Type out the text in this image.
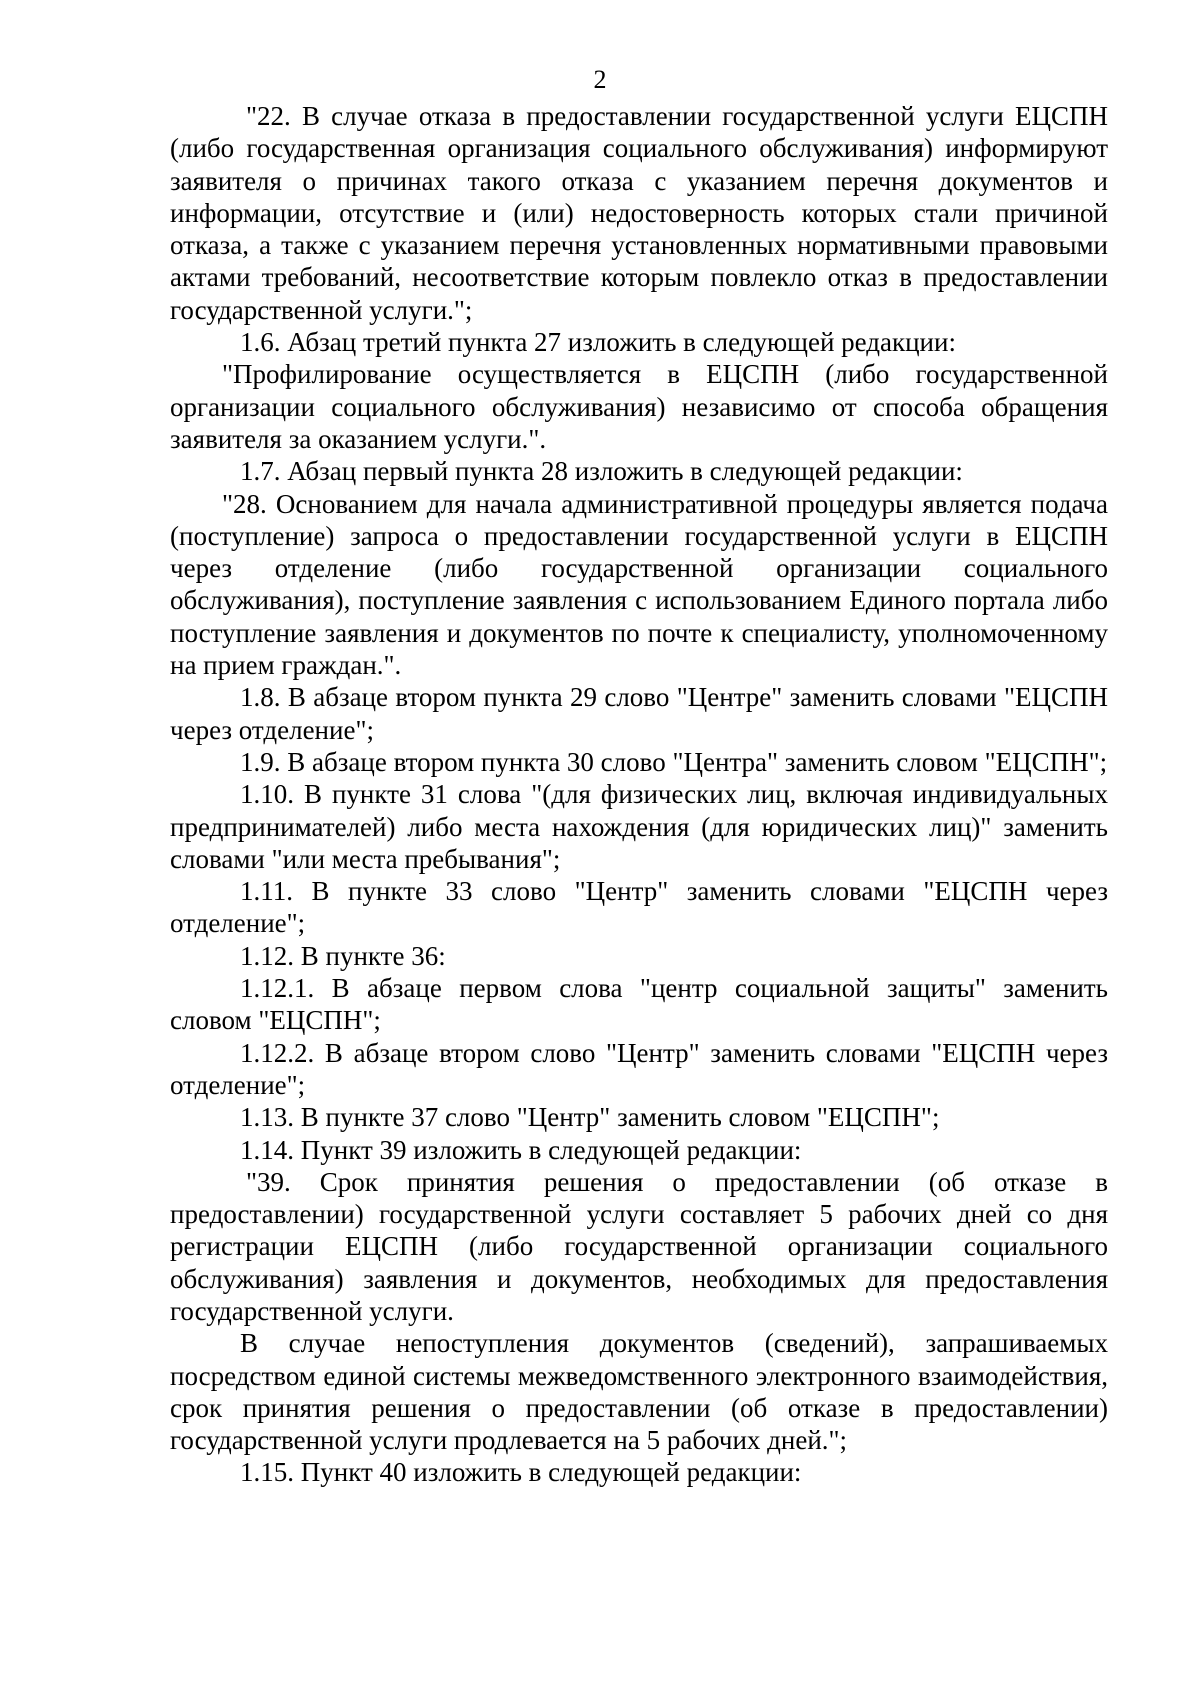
2

"22. В случае отказа в предоставлении государственной услуги ЕЦСПН (либо государственная организация социального обслуживания) информируют заявителя о причинах такого отказа с указанием перечня документов и информации, отсутствие и (или) недостоверность которых стали причиной отказа, а также с указанием перечня установленных нормативными правовыми актами требований, несоответствие которым повлекло отказ в предоставлении государственной услуги.";

1.6. Абзац третий пункта 27 изложить в следующей редакции:

"Профилирование осуществляется в ЕЦСПН (либо государственной организации социального обслуживания) независимо от способа обращения заявителя за оказанием услуги.".

1.7. Абзац первый пункта 28 изложить в следующей редакции:

"28. Основанием для начала административной процедуры является подача (поступление) запроса о предоставлении государственной услуги в ЕЦСПН через отделение (либо государственной организации социального обслуживания), поступление заявления с использованием Единого портала либо поступление заявления и документов по почте к специалисту, уполномоченному на прием граждан.".

1.8. В абзаце втором пункта 29 слово "Центре" заменить словами "ЕЦСПН через отделение";

1.9. В абзаце втором пункта 30 слово "Центра" заменить словом "ЕЦСПН";

1.10. В пункте 31 слова "(для физических лиц, включая индивидуальных предпринимателей) либо места нахождения (для юридических лиц)" заменить словами "или места пребывания";

1.11. В пункте 33 слово "Центр" заменить словами "ЕЦСПН через отделение";

1.12. В пункте 36:

1.12.1. В абзаце первом слова "центр социальной защиты" заменить словом "ЕЦСПН";

1.12.2. В абзаце втором слово "Центр" заменить словами "ЕЦСПН через отделение";

1.13. В пункте 37 слово "Центр" заменить словом "ЕЦСПН";

1.14. Пункт 39 изложить в следующей редакции:

"39. Срок принятия решения о предоставлении (об отказе в предоставлении) государственной услуги составляет 5 рабочих дней со дня регистрации ЕЦСПН (либо государственной организации социального обслуживания) заявления и документов, необходимых для предоставления государственной услуги.

В случае непоступления документов (сведений), запрашиваемых посредством единой системы межведомственного электронного взаимодействия, срок принятия решения о предоставлении (об отказе в предоставлении) государственной услуги продлевается на 5 рабочих дней.";

1.15. Пункт 40 изложить в следующей редакции:
